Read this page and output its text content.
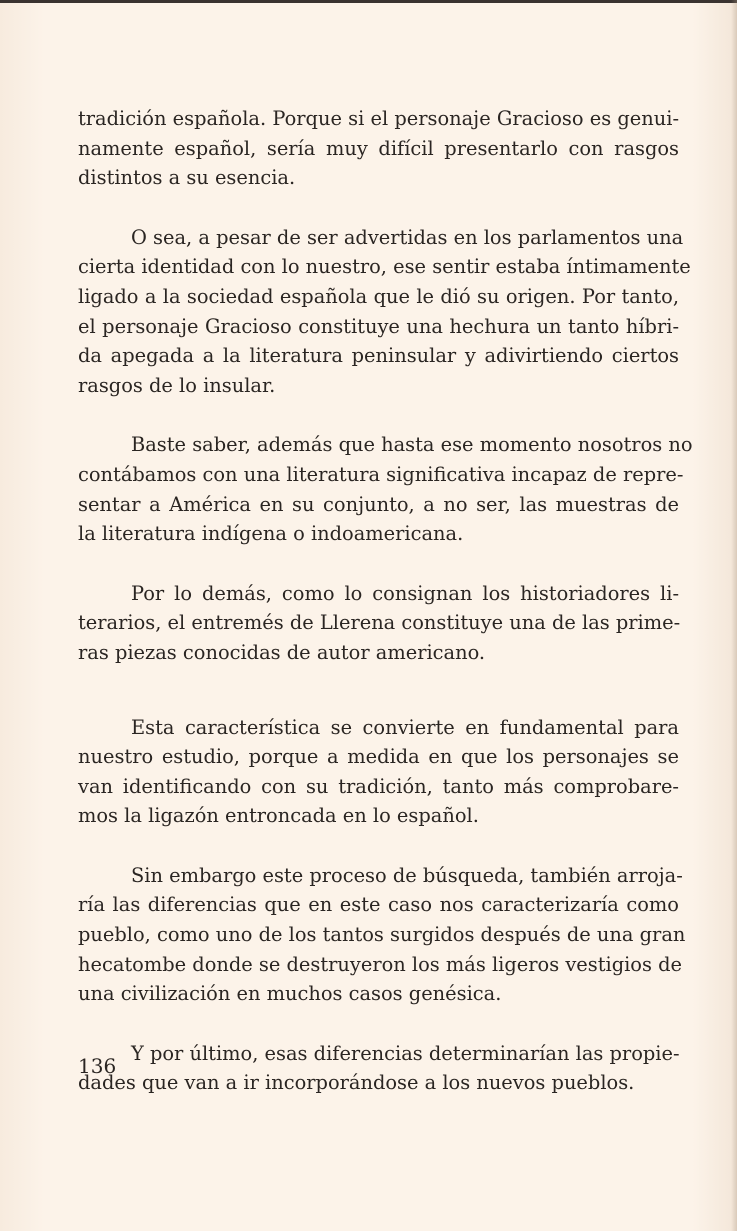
tradición española. Porque si el personaje Gracioso es genui-
namente español, sería muy difícil presentarlo con rasgos
distintos a su esencia.

O sea, a pesar de ser advertidas en los parlamentos una
cierta identidad con lo nuestro, ese sentir estaba íntimamente
ligado a la sociedad española que le dió su origen. Por tanto,
el personaje Gracioso constituye una hechura un tanto híbri-
da apegada a la literatura peninsular y adivirtiendo ciertos
rasgos de lo insular.

Baste saber, además que hasta ese momento nosotros no
contábamos con una literatura significativa incapaz de repre-
sentar a América en su conjunto, a no ser, las muestras de
la literatura indígena o indoamericana.

Por lo demás, como lo consignan los historiadores li-
terarios, el entremés de Llerena constituye una de las prime-
ras piezas conocidas de autor americano.

Esta característica se convierte en fundamental para
nuestro estudio, porque a medida en que los personajes se
van identificando con su tradición, tanto más comprobare-
mos la ligazón entroncada en lo español.

Sin embargo este proceso de búsqueda, también arroja-
ría las diferencias que en este caso nos caracterizaría como
pueblo, como uno de los tantos surgidos después de una gran
hecatombe donde se destruyeron los más ligeros vestigios de
una civilización en muchos casos genésica.

Y por último, esas diferencias determinarían las propie-
dades que van a ir incorporándose a los nuevos pueblos.

136
